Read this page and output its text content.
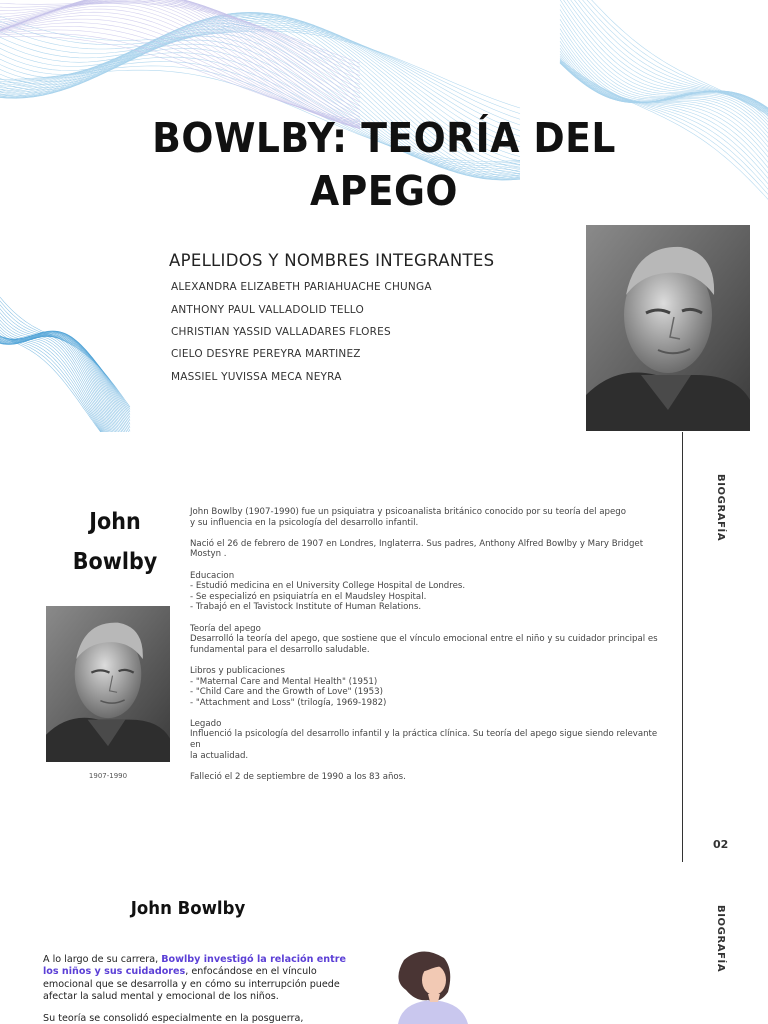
BOWLBY: TEORÍA DEL APEGO
APELLIDOS Y NOMBRES INTEGRANTES
ALEXANDRA ELIZABETH PARIAHUACHE CHUNGA
ANTHONY PAUL VALLADOLID TELLO
CHRISTIAN YASSID VALLADARES FLORES
CIELO DESYRE PEREYRA MARTINEZ
MASSIEL YUVISSA MECA NEYRA
BIOGRAFÍA
02
BIOGRAFÍA
John Bowlby
1907-1990

John Bowlby (1907-1990) fue un psiquiatra y psicoanalista británico conocido por su teoría del apego
y su influencia en la psicología del desarrollo infantil.

Nació el 26 de febrero de 1907 en Londres, Inglaterra. Sus padres, Anthony Alfred Bowlby y Mary Bridget
Mostyn .

Educacion
- Estudió medicina en el University College Hospital de Londres.
- Se especializó en psiquiatría en el Maudsley Hospital.
- Trabajó en el Tavistock Institute of Human Relations.

Teoría del apego
Desarrolló la teoría del apego, que sostiene que el vínculo emocional entre el niño y su cuidador principal es
fundamental para el desarrollo saludable.

Libros y publicaciones
- "Maternal Care and Mental Health" (1951)
- "Child Care and the Growth of Love" (1953)
- "Attachment and Loss" (trilogía, 1969-1982)

Legado
Influenció la psicología del desarrollo infantil y la práctica clínica. Su teoría del apego sigue siendo relevante en
la actualidad.

Falleció el 2 de septiembre de 1990 a los 83 años.

John Bowlby

A lo largo de su carrera, Bowlby investigó la relación entre los niños y sus cuidadores, enfocándose en el vínculo emocional que se desarrolla y en cómo su interrupción puede afectar la salud mental y emocional de los niños.

Su teoría se consolidó especialmente en la posguerra,
